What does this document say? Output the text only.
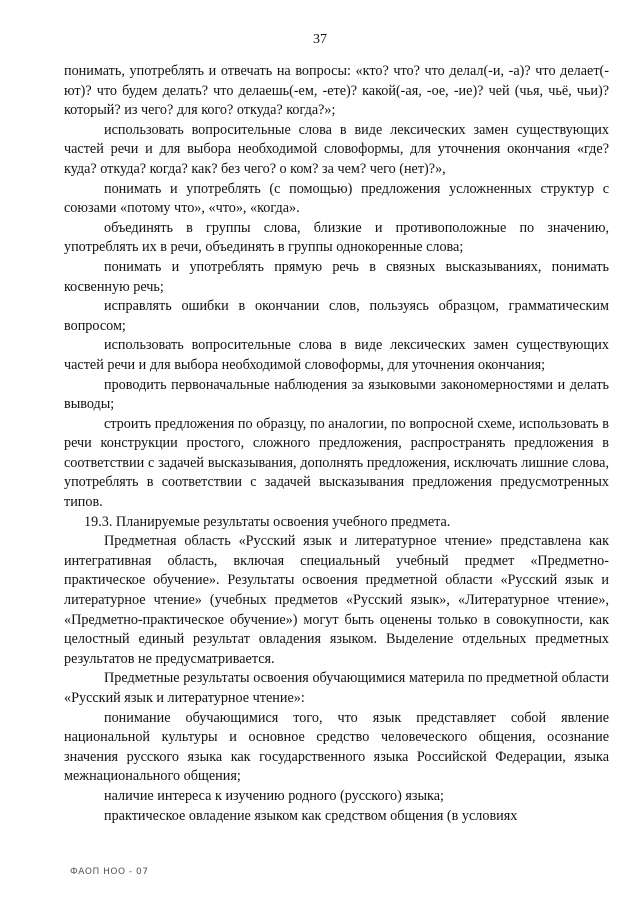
37

понимать, употреблять и отвечать на вопросы: «кто? что? что делал(-и, -а)? что делает(-ют)? что будем делать? что делаешь(-ем, -ете)? какой(-ая, -ое, -ие)? чей (чья, чьё, чьи)? который? из чего? для кого? откуда? когда?»;

использовать вопросительные слова в виде лексических замен существующих частей речи и для выбора необходимой словоформы, для уточнения окончания «где? куда? откуда? когда? как? без чего? о ком? за чем? чего (нет)?»,

понимать и употреблять (с помощью) предложения усложненных структур с союзами «потому что», «что», «когда».

объединять в группы слова, близкие и противоположные по значению, употреблять их в речи, объединять в группы однокоренные слова;

понимать и употреблять прямую речь в связных высказываниях, понимать косвенную речь;

исправлять ошибки в окончании слов, пользуясь образцом, грамматическим вопросом;

использовать вопросительные слова в виде лексических замен существующих частей речи и для выбора необходимой словоформы, для уточнения окончания;

проводить первоначальные наблюдения за языковыми закономерностями и делать выводы;

строить предложения по образцу, по аналогии, по вопросной схеме, использовать в речи конструкции простого, сложного предложения, распространять предложения в соответствии с задачей высказывания, дополнять предложения, исключать лишние слова, употреблять в соответствии с задачей высказывания предложения предусмотренных типов.

19.3. Планируемые результаты освоения учебного предмета.

Предметная область «Русский язык и литературное чтение» представлена как интегративная область, включая специальный учебный предмет «Предметно-практическое обучение». Результаты освоения предметной области «Русский язык и литературное чтение» (учебных предметов «Русский язык», «Литературное чтение», «Предметно-практическое обучение») могут быть оценены только в совокупности, как целостный единый результат овладения языком. Выделение отдельных предметных результатов не предусматривается.

Предметные результаты освоения обучающимися материла по предметной области «Русский язык и литературное чтение»:

понимание обучающимися того, что язык представляет собой явление национальной культуры и основное средство человеческого общения, осознание значения русского языка как государственного языка Российской Федерации, языка межнационального общения;

наличие интереса к изучению родного (русского) языка;

практическое овладение языком как средством общения (в условиях

ФАОП НОО - 07
